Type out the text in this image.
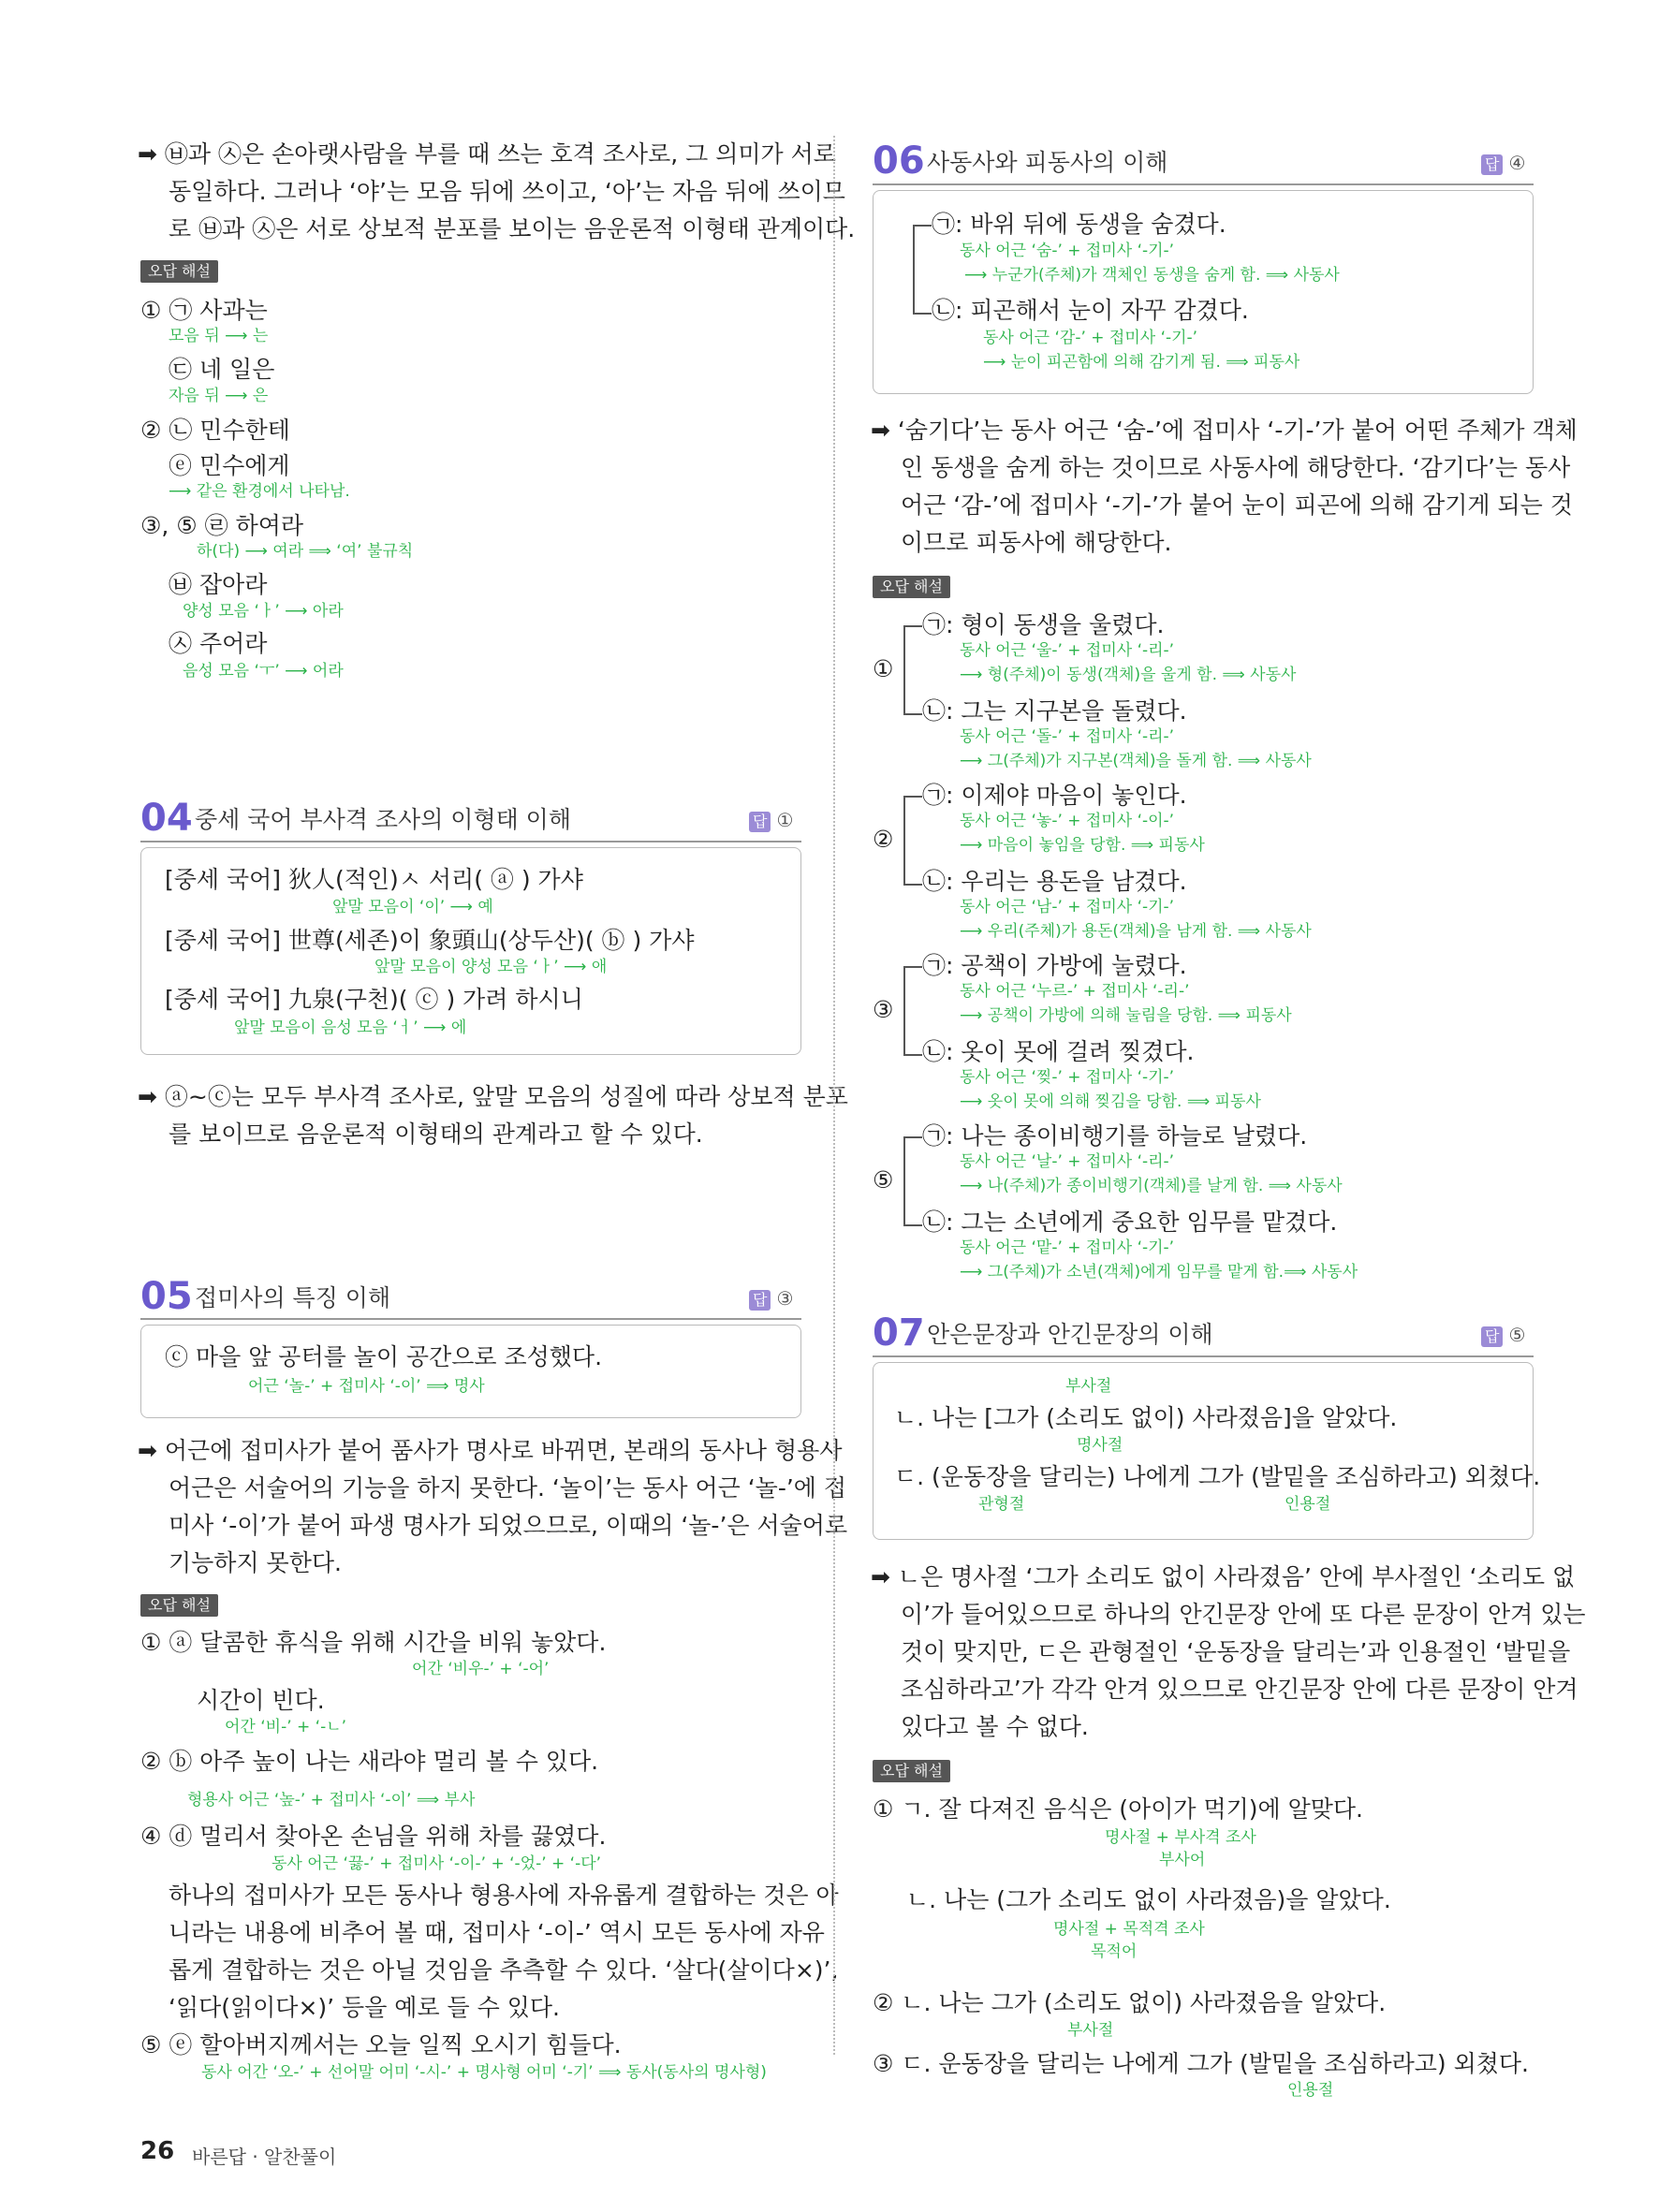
➡ ㉥과 ㉦은 손아랫사람을 부를 때 쓰는 호격 조사로, 그 의미가 서로
동일하다. 그러나 ‘야’는 모음 뒤에 쓰이고, ‘아’는 자음 뒤에 쓰이므
로 ㉥과 ㉦은 서로 상보적 분포를 보이는 음운론적 이형태 관계이다.
오답 해설
① ㉠ 사과는
모음 뒤 ⟶ 는
㉢ 네 일은
자음 뒤 ⟶ 은
② ㉡ 민수한테
ⓔ 민수에게
⟶ 같은 환경에서 나타남.
③, ⑤ ㉣ 하여라
하(다) ⟶ 여라 ⟹ ‘여’ 불규칙
㉥ 잡아라
양성 모음 ‘ㅏ’ ⟶ 아라
㉦ 주어라
음성 모음 ‘ㅜ’ ⟶ 어라
04 중세 국어 부사격 조사의 이형태 이해	답 ①
[중세 국어] 狄人(적인)ㅅ 서리( ⓐ ) 가샤
앞말 모음이 ‘이’ ⟶ 예
[중세 국어] 世尊(세존)이 象頭山(상두산)( ⓑ ) 가샤
앞말 모음이 양성 모음 ‘ㅏ’ ⟶ 애
[중세 국어] 九泉(구천)( ⓒ ) 가려 하시니
앞말 모음이 음성 모음 ‘ㅓ’ ⟶ 에
➡ ⓐ~ⓒ는 모두 부사격 조사로, 앞말 모음의 성질에 따라 상보적 분포
를 보이므로 음운론적 이형태의 관계라고 할 수 있다.
05 접미사의 특징 이해	답 ③
ⓒ 마을 앞 공터를 놀이 공간으로 조성했다.
어근 ‘놀-’ + 접미사 ‘-이’ ⟹ 명사
➡ 어근에 접미사가 붙어 품사가 명사로 바뀌면, 본래의 동사나 형용사
어근은 서술어의 기능을 하지 못한다. ‘놀이’는 동사 어근 ‘놀-’에 접
미사 ‘-이’가 붙어 파생 명사가 되었으므로, 이때의 ‘놀-’은 서술어로
기능하지 못한다.
오답 해설
① ⓐ 달콤한 휴식을 위해 시간을 비워 놓았다.
어간 ‘비우-’ + ‘-어’
시간이 빈다.
어간 ‘비-’ + ‘-ㄴ’
② ⓑ 아주 높이 나는 새라야 멀리 볼 수 있다.
형용사 어근 ‘높-’ + 접미사 ‘-이’ ⟹ 부사
④ ⓓ 멀리서 찾아온 손님을 위해 차를 끓였다.
동사 어근 ‘끓-’ + 접미사 ‘-이-’ + ‘-었-’ + ‘-다’
하나의 접미사가 모든 동사나 형용사에 자유롭게 결합하는 것은 아
니라는 내용에 비추어 볼 때, 접미사 ‘-이-’ 역시 모든 동사에 자유
롭게 결합하는 것은 아닐 것임을 추측할 수 있다. ‘살다(살이다×)’,
‘읽다(읽이다×)’ 등을 예로 들 수 있다.
⑤ ⓔ 할아버지께서는 오늘 일찍 오시기 힘들다.
동사 어간 ‘오-’ + 선어말 어미 ‘-시-’ + 명사형 어미 ‘-기’ ⟹ 동사(동사의 명사형)
06 사동사와 피동사의 이해	답 ④
㉠: 바위 뒤에 동생을 숨겼다.
동사 어근 ‘숨-’ + 접미사 ‘-기-’
⟶ 누군가(주체)가 객체인 동생을 숨게 함. ⟹ 사동사
㉡: 피곤해서 눈이 자꾸 감겼다.
동사 어근 ‘감-’ + 접미사 ‘-기-’
⟶ 눈이 피곤함에 의해 감기게 됨. ⟹ 피동사
➡ ‘숨기다’는 동사 어근 ‘숨-’에 접미사 ‘-기-’가 붙어 어떤 주체가 객체
인 동생을 숨게 하는 것이므로 사동사에 해당한다. ‘감기다’는 동사
어근 ‘감-’에 접미사 ‘-기-’가 붙어 눈이 피곤에 의해 감기게 되는 것
이므로 피동사에 해당한다.
오답 해설
①
㉠: 형이 동생을 울렸다.
동사 어근 ‘울-’ + 접미사 ‘-리-’
⟶ 형(주체)이 동생(객체)을 울게 함. ⟹ 사동사
㉡: 그는 지구본을 돌렸다.
동사 어근 ‘돌-’ + 접미사 ‘-리-’
⟶ 그(주체)가 지구본(객체)을 돌게 함. ⟹ 사동사
②
㉠: 이제야 마음이 놓인다.
동사 어근 ‘놓-’ + 접미사 ‘-이-’
⟶ 마음이 놓임을 당함. ⟹ 피동사
㉡: 우리는 용돈을 남겼다.
동사 어근 ‘남-’ + 접미사 ‘-기-’
⟶ 우리(주체)가 용돈(객체)을 남게 함. ⟹ 사동사
③
㉠: 공책이 가방에 눌렸다.
동사 어근 ‘누르-’ + 접미사 ‘-리-’
⟶ 공책이 가방에 의해 눌림을 당함. ⟹ 피동사
㉡: 옷이 못에 걸려 찢겼다.
동사 어근 ‘찢-’ + 접미사 ‘-기-’
⟶ 옷이 못에 의해 찢김을 당함. ⟹ 피동사
⑤
㉠: 나는 종이비행기를 하늘로 날렸다.
동사 어근 ‘날-’ + 접미사 ‘-리-’
⟶ 나(주체)가 종이비행기(객체)를 날게 함. ⟹ 사동사
㉡: 그는 소년에게 중요한 임무를 맡겼다.
동사 어근 ‘맡-’ + 접미사 ‘-기-’
⟶ 그(주체)가 소년(객체)에게 임무를 맡게 함.⟹ 사동사
07 안은문장과 안긴문장의 이해	답 ⑤
부사절
ㄴ. 나는 [그가 (소리도 없이) 사라졌음]을 알았다.
명사절
ㄷ. (운동장을 달리는) 나에게 그가 (발밑을 조심하라고) 외쳤다.
관형절	인용절
➡ ㄴ은 명사절 ‘그가 소리도 없이 사라졌음’ 안에 부사절인 ‘소리도 없
이’가 들어있으므로 하나의 안긴문장 안에 또 다른 문장이 안겨 있는
것이 맞지만, ㄷ은 관형절인 ‘운동장을 달리는’과 인용절인 ‘발밑을
조심하라고’가 각각 안겨 있으므로 안긴문장 안에 다른 문장이 안겨
있다고 볼 수 없다.
오답 해설
① ㄱ. 잘 다져진 음식은 (아이가 먹기)에 알맞다.
명사절 + 부사격 조사
부사어
ㄴ. 나는 (그가 소리도 없이 사라졌음)을 알았다.
명사절 + 목적격 조사
목적어
② ㄴ. 나는 그가 (소리도 없이) 사라졌음을 알았다.
부사절
③ ㄷ. 운동장을 달리는 나에게 그가 (발밑을 조심하라고) 외쳤다.
인용절
26 바른답 · 알찬풀이
